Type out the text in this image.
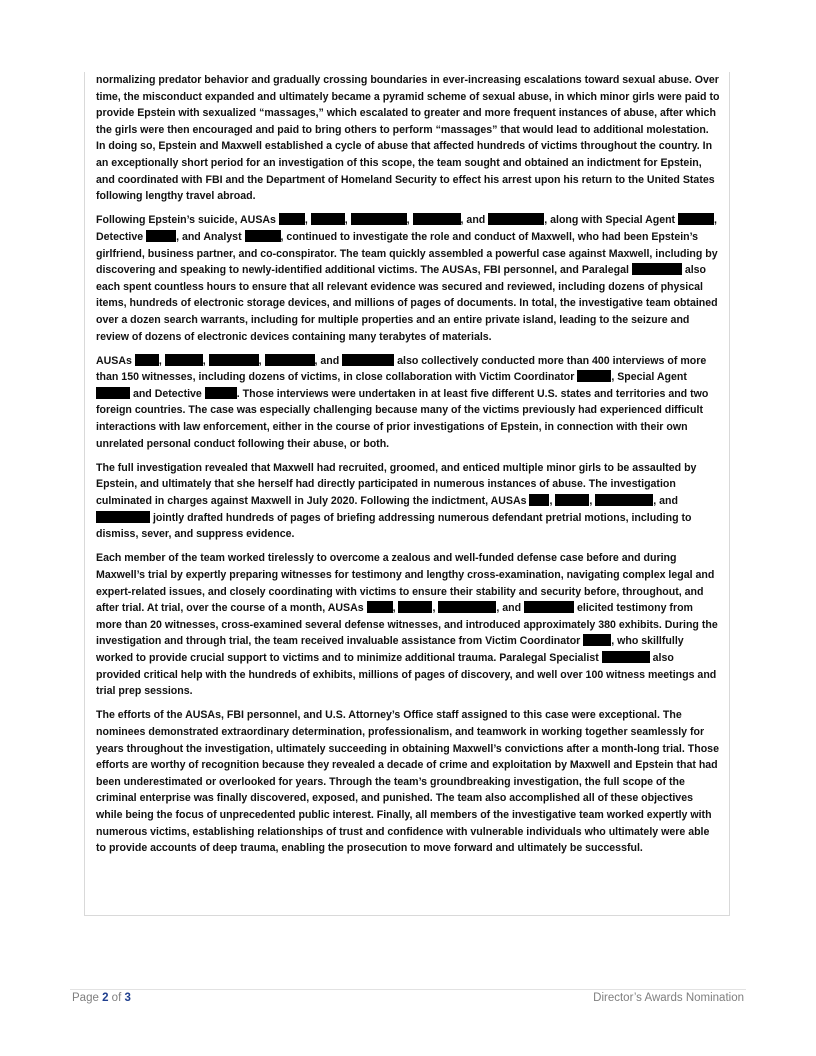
normalizing predator behavior and gradually crossing boundaries in ever-increasing escalations toward sexual abuse. Over time, the misconduct expanded and ultimately became a pyramid scheme of sexual abuse, in which minor girls were paid to provide Epstein with sexualized “massages,” which escalated to greater and more frequent instances of abuse, after which the girls were then encouraged and paid to bring others to perform “massages” that would lead to additional molestation. In doing so, Epstein and Maxwell established a cycle of abuse that affected hundreds of victims throughout the country. In an exceptionally short period for an investigation of this scope, the team sought and obtained an indictment for Epstein, and coordinated with FBI and the Department of Homeland Security to effect his arrest upon his return to the United States following lengthy travel abroad.

Following Epstein’s suicide, AUSAs ,	,	,	, and	, along with Special Agent	, Detective	, and Analyst	, continued to investigate the role and conduct of Maxwell, who had been Epstein’s girlfriend, business partner, and co-conspirator. The team quickly assembled a powerful case against Maxwell, including by discovering and speaking to newly-identified additional victims. The AUSAs, FBI personnel, and Paralegal	also each spent countless hours to ensure that all relevant evidence was secured and reviewed, including dozens of physical items, hundreds of electronic storage devices, and millions of pages of documents. In total, the investigative team obtained over a dozen search warrants, including for multiple properties and an entire private island, leading to the seizure and review of dozens of electronic devices containing many terabytes of materials.

AUSAs ,	,	,	, and	also collectively conducted more than 400 interviews of more than 150 witnesses, including dozens of victims, in close collaboration with Victim Coordinator	, Special Agent  and Detective	. Those interviews were undertaken in at least five different U.S. states and territories and two foreign countries. The case was especially challenging because many of the victims previously had experienced difficult interactions with law enforcement, either in the course of prior investigations of Epstein, in connection with their own unrelated personal conduct following their abuse, or both.

The full investigation revealed that Maxwell had recruited, groomed, and enticed multiple minor girls to be assaulted by Epstein, and ultimately that she herself had directly participated in numerous instances of abuse. The investigation culminated in charges against Maxwell in July 2020. Following the indictment, AUSAs ,	,	, and  jointly drafted hundreds of pages of briefing addressing numerous defendant pretrial motions, including to dismiss, sever, and suppress evidence.

Each member of the team worked tirelessly to overcome a zealous and well-funded defense case before and during Maxwell’s trial by expertly preparing witnesses for testimony and lengthy cross-examination, navigating complex legal and expert-related issues, and closely coordinating with victims to ensure their stability and security before, throughout, and after trial. At trial, over the course of a month, AUSAs ,	,	, and	elicited testimony from more than 20 witnesses, cross-examined several defense witnesses, and introduced approximately 380 exhibits. During the investigation and through trial, the team received invaluable assistance from Victim Coordinator	, who skillfully worked to provide crucial support to victims and to minimize additional trauma. Paralegal Specialist	also provided critical help with the hundreds of exhibits, millions of pages of discovery, and well over 100 witness meetings and trial prep sessions.

The efforts of the AUSAs, FBI personnel, and U.S. Attorney’s Office staff assigned to this case were exceptional. The nominees demonstrated extraordinary determination, professionalism, and teamwork in working together seamlessly for years throughout the investigation, ultimately succeeding in obtaining Maxwell’s convictions after a month-long trial. Those efforts are worthy of recognition because they revealed a decade of crime and exploitation by Maxwell and Epstein that had been underestimated or overlooked for years. Through the team’s groundbreaking investigation, the full scope of the criminal enterprise was finally discovered, exposed, and punished. The team also accomplished all of these objectives while being the focus of unprecedented public interest. Finally, all members of the investigative team worked expertly with numerous victims, establishing relationships of trust and confidence with vulnerable individuals who ultimately were able to provide accounts of deep trauma, enabling the prosecution to move forward and ultimately be successful.

Page 2 of 3	Director’s Awards Nomination
